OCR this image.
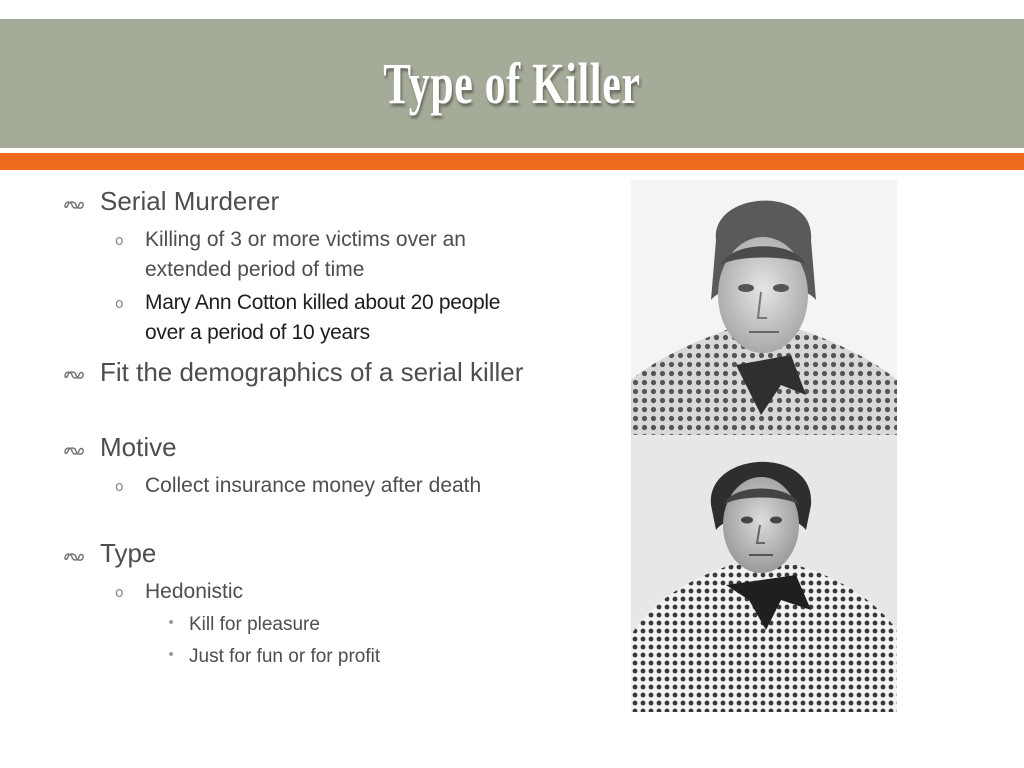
Type of Killer
Serial Murderer
o Killing of 3 or more victims over an extended period of time
o Mary Ann Cotton killed about 20 people over a period of 10 years
Fit the demographics of a serial killer
Motive
o Collect insurance money after death
Type
o Hedonistic
• Kill for pleasure
• Just for fun or for profit
